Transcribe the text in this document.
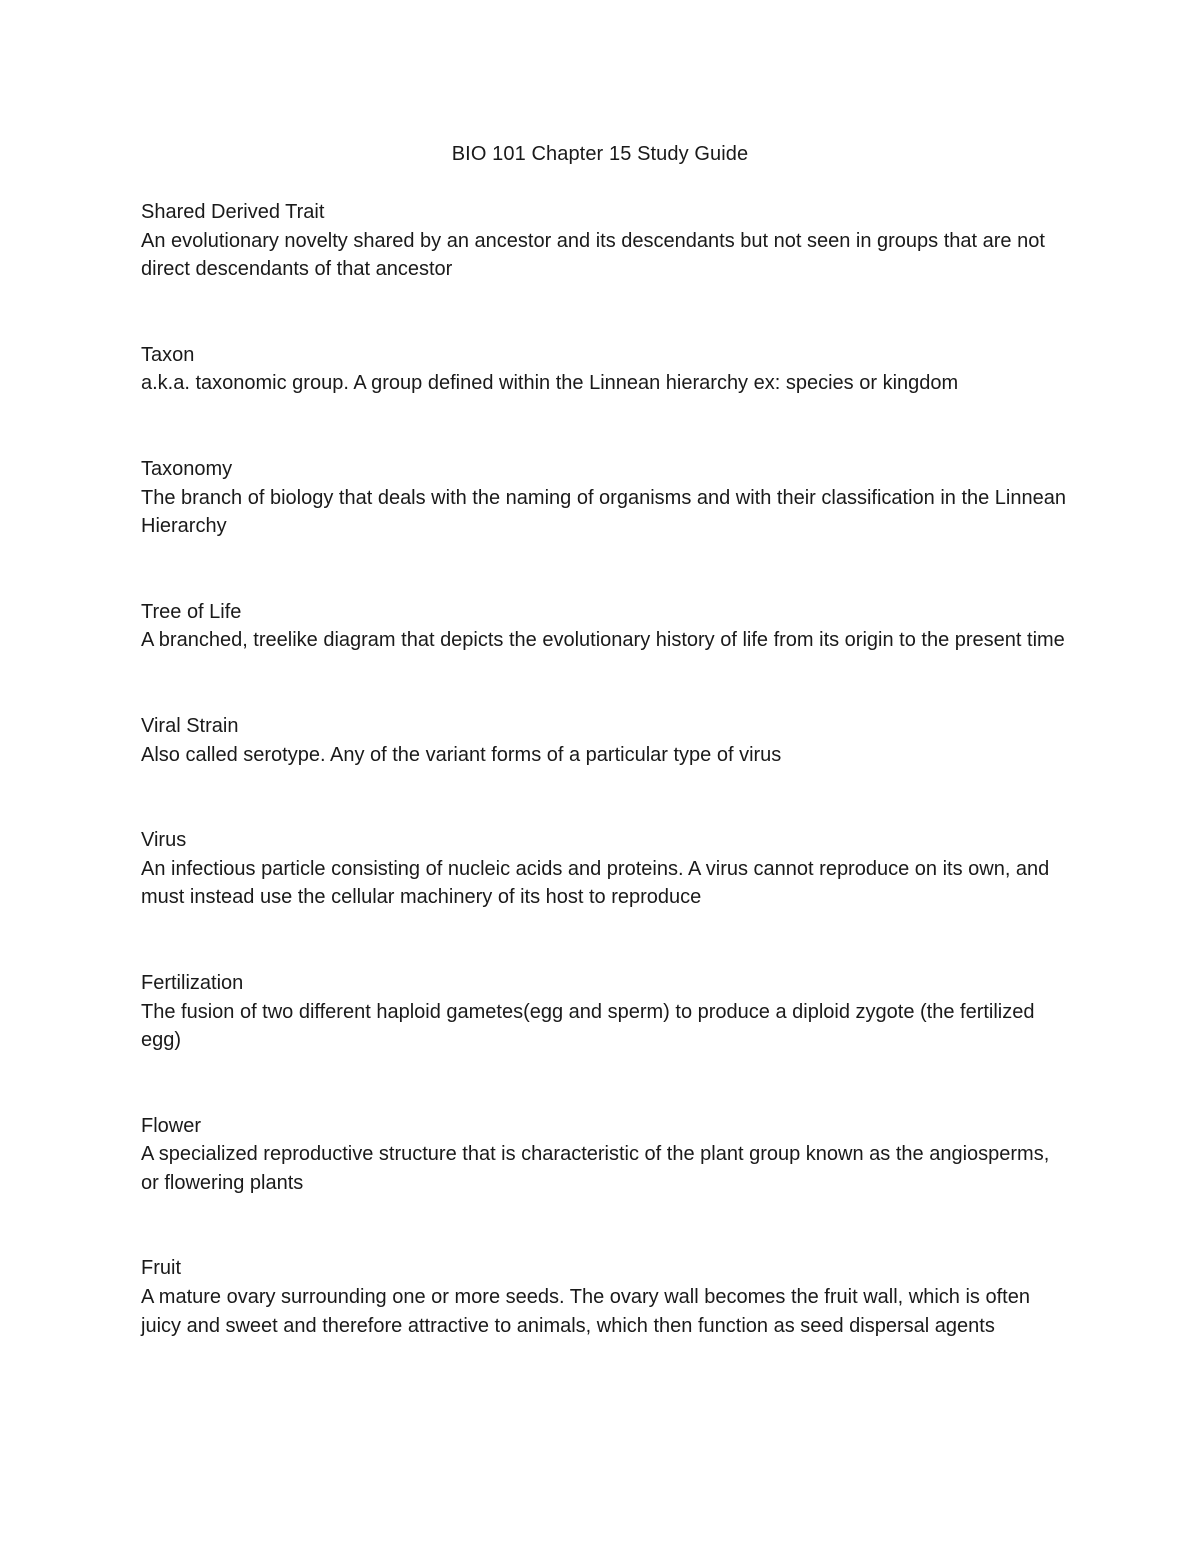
BIO 101 Chapter 15 Study Guide
Shared Derived Trait
An evolutionary novelty shared by an ancestor and its descendants but not seen in groups that are not direct descendants of that ancestor
Taxon
a.k.a. taxonomic group. A group defined within the Linnean hierarchy ex: species or kingdom
Taxonomy
The branch of biology that deals with the naming of organisms and with their classification in the Linnean Hierarchy
Tree of Life
A branched, treelike diagram that depicts the evolutionary history of life from its origin to the present time
Viral Strain
Also called serotype. Any of the variant forms of a particular type of virus
Virus
An infectious particle consisting of nucleic acids and proteins. A virus cannot reproduce on its own, and must instead use the cellular machinery of its host to reproduce
Fertilization
The fusion of two different haploid gametes(egg and sperm) to produce a diploid zygote (the fertilized egg)
Flower
A specialized reproductive structure that is characteristic of the plant group known as the angiosperms, or flowering plants
Fruit
A mature ovary surrounding one or more seeds. The ovary wall becomes the fruit wall, which is often juicy and sweet and therefore attractive to animals, which then function as seed dispersal agents
